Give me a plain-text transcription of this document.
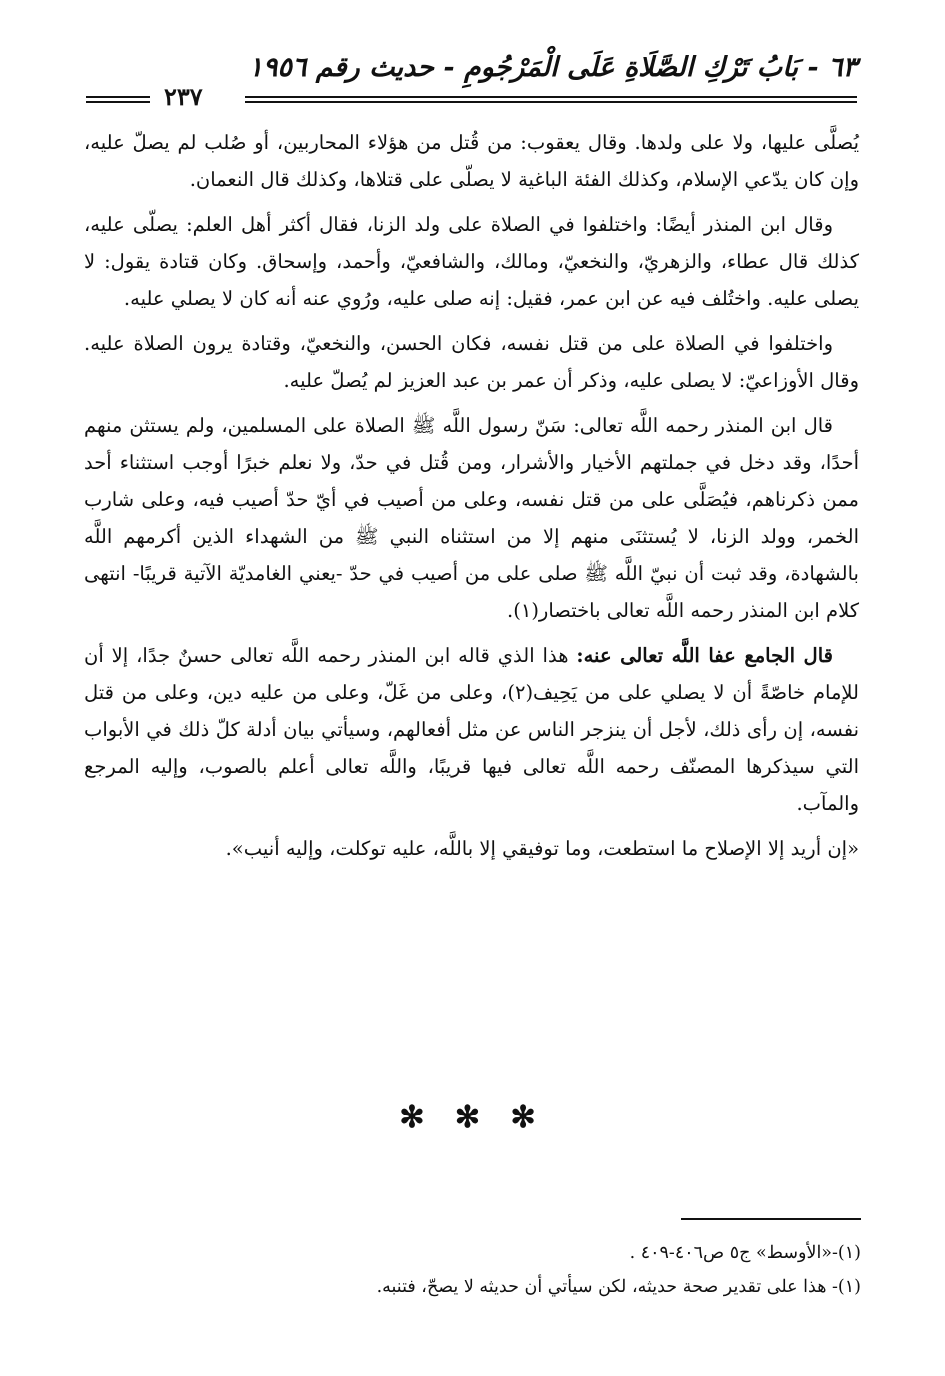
٦٣ - بَابُ تَرْكِ الصَّلَاةِ عَلَى الْمَرْجُومِ - حديث رقم ١٩٥٦
٢٣٧

يُصلَّى عليها، ولا على ولدها. وقال يعقوب: من قُتل من هؤلاء المحاربين، أو صُلب لم يصلّ عليه، وإن كان يدّعي الإسلام، وكذلك الفئة الباغية لا يصلّى على قتلاها، وكذلك قال النعمان.

وقال ابن المنذر أيضًا: واختلفوا في الصلاة على ولد الزنا، فقال أكثر أهل العلم: يصلّى عليه، كذلك قال عطاء، والزهريّ، والنخعيّ، ومالك، والشافعيّ، وأحمد، وإسحاق. وكان قتادة يقول: لا يصلى عليه. واختُلف فيه عن ابن عمر، فقيل: إنه صلى عليه، ورُوي عنه أنه كان لا يصلي عليه.

واختلفوا في الصلاة على من قتل نفسه، فكان الحسن، والنخعيّ، وقتادة يرون الصلاة عليه. وقال الأوزاعيّ: لا يصلى عليه، وذكر أن عمر بن عبد العزيز لم يُصلّ عليه.

قال ابن المنذر رحمه اللَّه تعالى: سَنّ رسول اللَّه ﷺ الصلاة على المسلمين، ولم يستثن منهم أحدًا، وقد دخل في جملتهم الأخيار والأشرار، ومن قُتل في حدّ، ولا نعلم خبرًا أوجب استثناء أحد ممن ذكرناهم، فيُصَلَّى على من قتل نفسه، وعلى من أصيب في أيّ حدّ أصيب فيه، وعلى شارب الخمر، وولد الزنا، لا يُستثنَى منهم إلا من استثناه النبي ﷺ من الشهداء الذين أكرمهم اللَّه بالشهادة، وقد ثبت أن نبيّ اللَّه ﷺ صلى على من أصيب في حدّ -يعني الغامديّة الآتية قريبًا- انتهى كلام ابن المنذر رحمه اللَّه تعالى باختصار(١).

قال الجامع عفا اللَّه تعالى عنه: هذا الذي قاله ابن المنذر رحمه اللَّه تعالى حسنٌ جدًا، إلا أن للإمام خاصّةً أن لا يصلي على من يَحِيف(٢)، وعلى من غَلّ، وعلى من عليه دين، وعلى من قتل نفسه، إن رأى ذلك، لأجل أن ينزجر الناس عن مثل أفعالهم، وسيأتي بيان أدلة كلّ ذلك في الأبواب التي سيذكرها المصنّف رحمه اللَّه تعالى فيها قريبًا، واللَّه تعالى أعلم بالصوب، وإليه المرجع والمآب.

«إن أريد إلا الإصلاح ما استطعت، وما توفيقي إلا باللَّه، عليه توكلت، وإليه أنيب».

✻ ✻ ✻
(١)-«الأوسط» ج٥ ص٤٠٦-٤٠٩ .
(١)- هذا على تقدير صحة حديثه، لكن سيأتي أن حديثه لا يصحّ، فتنبه.
